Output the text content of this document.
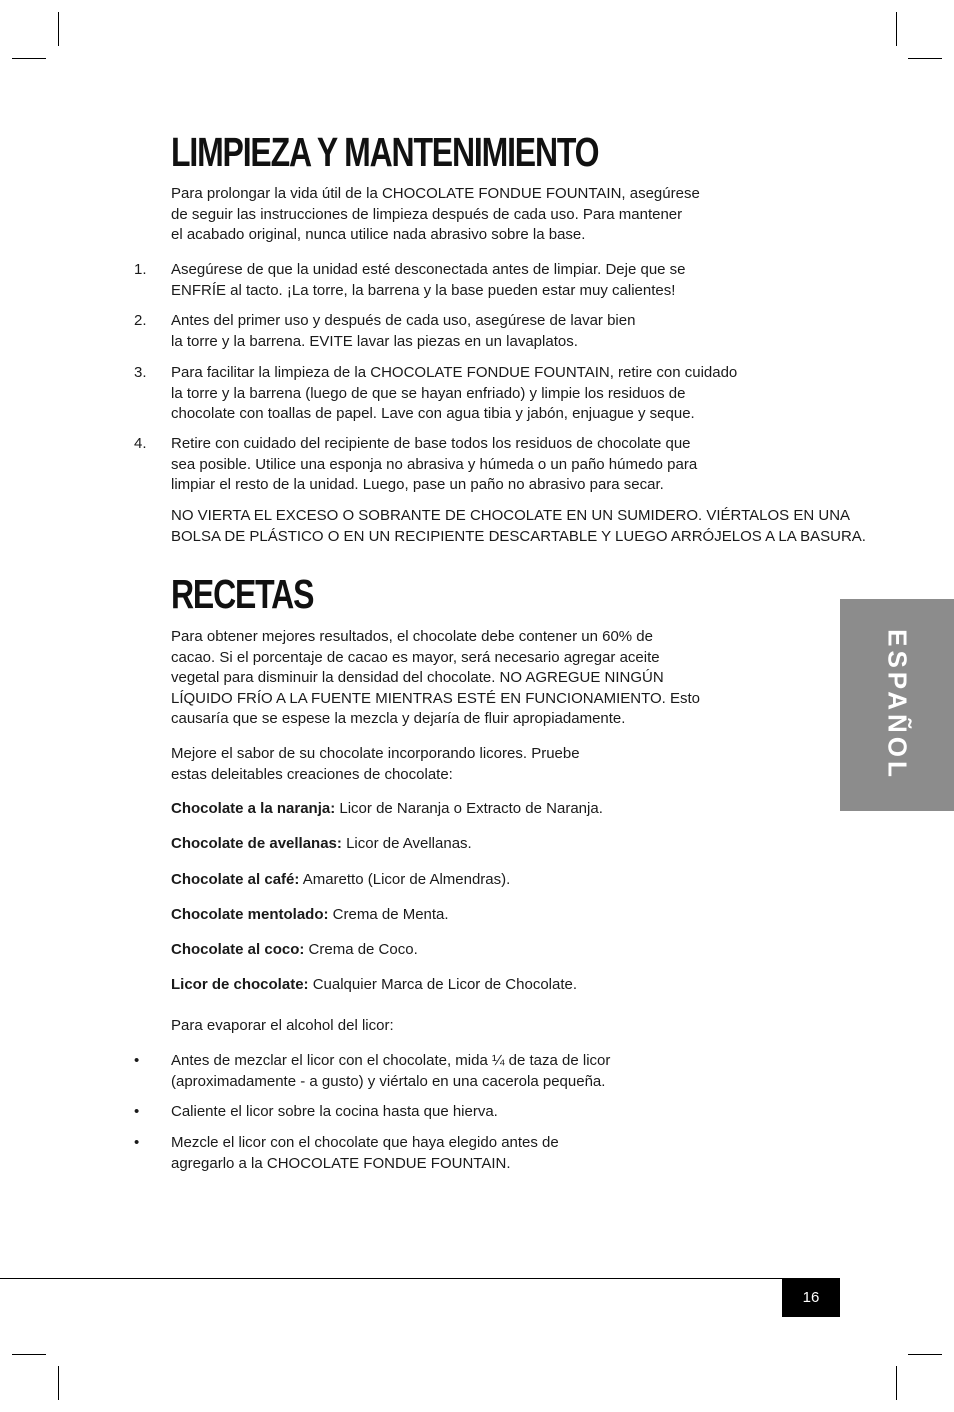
LIMPIEZA Y MANTENIMIENTO

Para prolongar la vida útil de la CHOCOLATE FONDUE FOUNTAIN, asegúrese
de seguir las instrucciones de limpieza después de cada uso. Para mantener
el acabado original, nunca utilice nada abrasivo sobre la base.

1. Asegúrese de que la unidad esté desconectada antes de limpiar. Deje que se
ENFRÍE al tacto. ¡La torre, la barrena y la base pueden estar muy calientes!

2. Antes del primer uso y después de cada uso, asegúrese de lavar bien
la torre y la barrena. EVITE lavar las piezas en un lavaplatos.

3. Para facilitar la limpieza de la CHOCOLATE FONDUE FOUNTAIN, retire con cuidado
la torre y la barrena (luego de que se hayan enfriado) y limpie los residuos de
chocolate con toallas de papel. Lave con agua tibia y jabón, enjuague y seque.

4. Retire con cuidado del recipiente de base todos los residuos de chocolate que
sea posible. Utilice una esponja no abrasiva y húmeda o un paño húmedo para
limpiar el resto de la unidad. Luego, pase un paño no abrasivo para secar.

NO VIERTA EL EXCESO O SOBRANTE DE CHOCOLATE EN UN SUMIDERO. VIÉRTALOS EN UNA
BOLSA DE PLÁSTICO O EN UN RECIPIENTE DESCARTABLE Y LUEGO ARRÓJELOS A LA BASURA.

RECETAS

Para obtener mejores resultados, el chocolate debe contener un 60% de
cacao. Si el porcentaje de cacao es mayor, será necesario agregar aceite
vegetal para disminuir la densidad del chocolate. NO AGREGUE NINGÚN
LÍQUIDO FRÍO A LA FUENTE MIENTRAS ESTÉ EN FUNCIONAMIENTO. Esto
causaría que se espese la mezcla y dejaría de fluir apropiadamente.

Mejore el sabor de su chocolate incorporando licores. Pruebe
estas deleitables creaciones de chocolate:

Chocolate a la naranja: Licor de Naranja o Extracto de Naranja.

Chocolate de avellanas: Licor de Avellanas.

Chocolate al café: Amaretto (Licor de Almendras).

Chocolate mentolado: Crema de Menta.

Chocolate al coco: Crema de Coco.

Licor de chocolate: Cualquier Marca de Licor de Chocolate.

Para evaporar el alcohol del licor:

• Antes de mezclar el licor con el chocolate, mida ¼ de taza de licor
(aproximadamente - a gusto) y viértalo en una cacerola pequeña.

• Caliente el licor sobre la cocina hasta que hierva.

• Mezcle el licor con el chocolate que haya elegido antes de
agregarlo a la CHOCOLATE FONDUE FOUNTAIN.

ESPAÑOL
16
